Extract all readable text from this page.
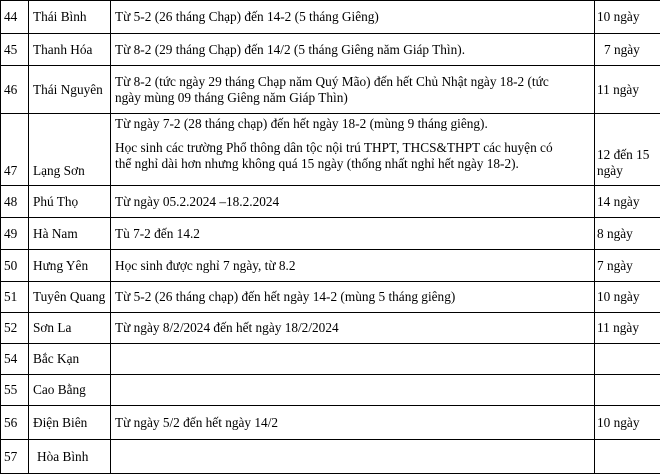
44	Thái Bình	Từ 5-2 (26 tháng Chạp) đến 14-2 (5 tháng Giêng)	10 ngày
45	Thanh Hóa	Từ 8-2 (29 tháng Chạp) đến 14/2 (5 tháng Giêng năm Giáp Thìn).	7 ngày
46	Thái Nguyên	Từ 8-2 (tức ngày 29 tháng Chạp năm Quý Mão) đến hết Chủ Nhật ngày 18-2 (tức
ngày mùng 09 tháng Giêng năm Giáp Thìn)	11 ngày
47	Lạng Sơn	Từ ngày 7-2 (28 tháng chạp) đến hết ngày 18-2 (mùng 9 tháng giêng).
Học sinh các trường Phổ thông dân tộc nội trú THPT, THCS&THPT các huyện có
thể nghỉ dài hơn nhưng không quá 15 ngày (thống nhất nghỉ hết ngày 18-2).	12 đến 15
ngày

48	Phú Thọ	Từ ngày 05.2.2024 –18.2.2024	14 ngày
49	Hà Nam	Tù 7-2 đến 14.2	8 ngày
50	Hưng Yên	Học sinh được nghỉ 7 ngày, từ 8.2	7 ngày
51	Tuyên Quang	Từ 5-2 (26 tháng chạp) đến hết ngày 14-2 (mùng 5 tháng giêng)	10 ngày
52	Sơn La	Từ ngày 8/2/2024 đến hết ngày 18/2/2024	11 ngày
54	Bắc Kạn	

55	Cao Bằng	

56	Điện Biên	Từ ngày 5/2 đến hết ngày 14/2	10 ngày
57	Hòa Bình	
